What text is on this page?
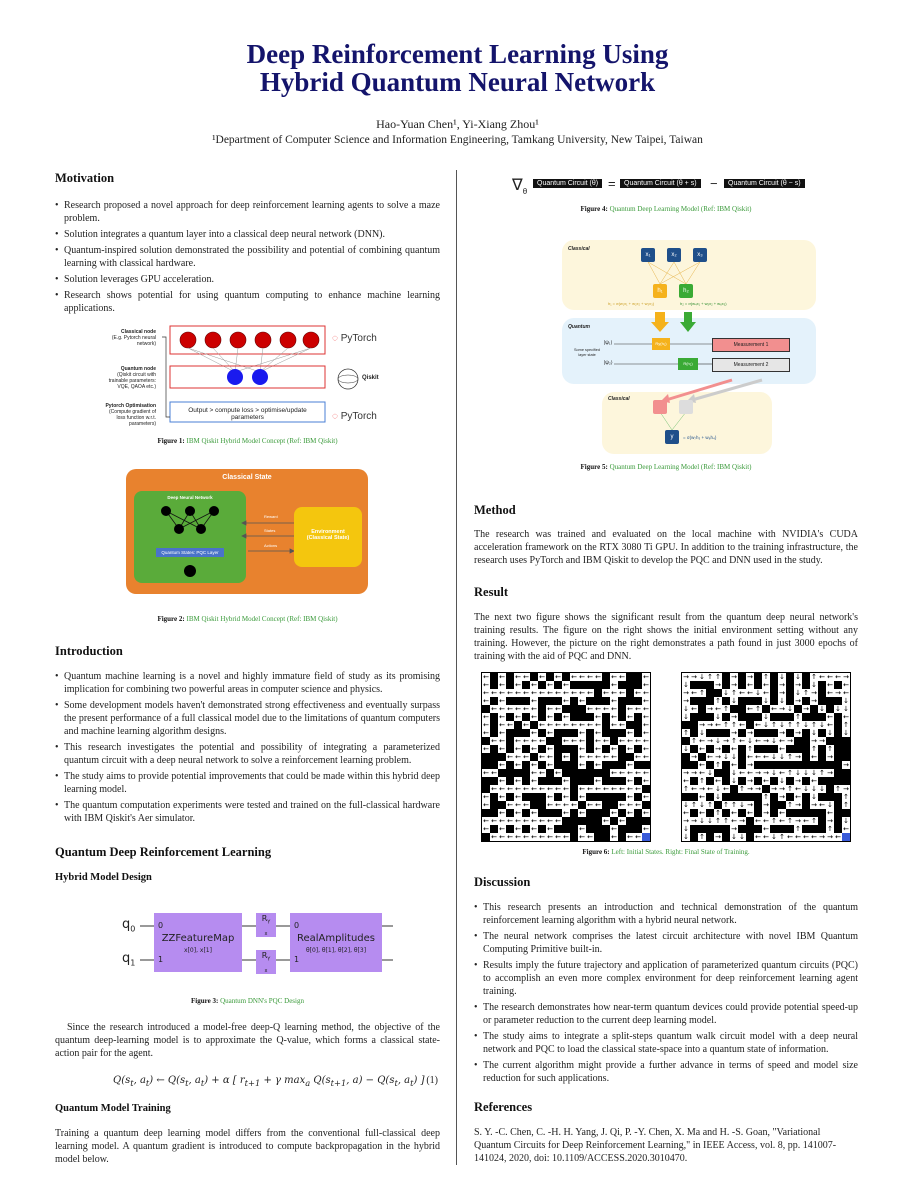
Deep Reinforcement Learning Using
Hybrid Quantum Neural Network
Hao-Yuan Chen¹, Yi-Xiang Zhou¹
¹Department of Computer Science and Information Engineering, Tamkang University, New Taipei, Taiwan
Motivation
• Research proposed a novel approach for deep reinforcement learning agents to solve a maze problem.
• Solution integrates a quantum layer into a classical deep neural network (DNN).
• Quantum-inspired solution demonstrated the possibility and potential of combining quantum learning with classical hardware.
• Solution leverages GPU acceleration.
• Research shows potential for using quantum computing to enhance machine learning applications.
Classical node
(E.g. Pytorch neural network)
Quantum node
(Qiskit circuit with trainable parameters: VQE, QAOA etc.)
Pytorch Optimisation
(Compute gradient of loss function w.r.t. parameters)
Output > compute loss > optimise/update parameters
◌ PyTorch
Qiskit
◌ PyTorch
Figure 1: IBM Qiskit Hybrid Model Concept (Ref: IBM Qiskit)
Classical State
Deep Neural Network
Quantum States: PQC Layer
Reward
States
Actions
Environment
(Classical State)
Figure 2: IBM Qiskit Hybrid Model Concept (Ref: IBM Qiskit)
Introduction
• Quantum machine learning is a novel and highly immature field of study as its promising implication for combining two powerful areas in computer science and physics.
• Some development models haven't demonstrated strong effectiveness and eventually surpass the present performance of a full classical model due to the limitations of quantum computers and machine learning algorithm designs.
• This research investigates the potential and possibility of integrating a parameterized quantum circuit with a deep neural network to solve a reinforcement learning problem.
• The study aims to provide potential improvements that could be made within this hybrid deep learning model.
• The quantum computation experiments were tested and trained on the full-classical hardware with IBM Qiskit's Aer simulator.
Quantum Deep Reinforcement Learning
Hybrid Model Design
$q_0$
$q_1$
0
1
ZZFeatureMap
x[0], x[1]
$R_Y$
x
$R_Y$
x
0
1
RealAmplitudes
θ[0], θ[1], θ[2], θ[3]
Figure 3: Quantum DNN's PQC Design

Since the research introduced a model-free deep-Q learning method, the objective of the quantum deep-learning model is to approximate the Q-value, which forms a classical state-action pair for the agent.

$Q(s_t$, $a_t$) ← $Q(s_t$, $a_t) + \alpha$ [ $r_{t+1} + \gamma$ $\max_a Q(s_{t+1}$, $a) - Q(s_t$, $a_t$) ] (1)
Quantum Model Training

Training a quantum deep learning model differs from the conventional full-classical deep learning model. A quantum gradient is introduced to compute backpropagation in the hybrid model below.

$\nabla_\theta$
Quantum Circuit (θ) =	Quantum Circuit (θ + s)	−	Quantum Circuit (θ − s)
Figure 4: Quantum Deep Learning Model (Ref: IBM Qiskit)
Classical
x₁	x₂	x₃
h₁	h₂
h₁ = σ(w₁x₁ + w₂x₂ + w₃x₃)	h₂ = σ(w₄x₁ + w₅x₂ + w₆x₃)
Quantum
|ψ₁⟩
|ψ₂⟩
Some specified layer state
Ry(h₁)
R(h₂)
Measurement 1
Measurement 2
Classical
y	= σ(w₇h₃ + w₈h₄)
Figure 5: Quantum Deep Learning Model (Ref: IBM Qiskit)
Method

The research was trained and evaluated on the local machine with NVIDIA's CUDA acceleration framework on the RTX 3080 Ti GPU. In addition to the training infrastructure, the research uses PyTorch and IBM Qiskit to develop the PQC and DNN used in the study.

Result

The next two figure shows the significant result from the quantum deep neural network's training results. The figure on the right shows the initial environment setting without any training. However, the picture on the right demonstrates a path found in just 3000 epochs of training with the aid of PQC and DNN.

← ← ← ← ← ← ← ← ← ← ← ←	←
← ← ← ← ← ←	←	←
← ← ← ← ← ← ← ← ← ← ← ← ← ← ← ← ← ← ←
← ←	←	← ←	←	←
← ← ← ← ← ← ← ←	← ← ← ← ← ← ←
← ← ← ← ← ←	← ← ← ←
← ← ← ← ← ← ← ← ← ← ← ← ← ←	←
← ←	← ←	← ←	← ←
← ← ← ← ← ←	← ← ← ← ← ← ← ← ←
← ← ← ← ←	← ← ← ← ←
← ← ← ← ← ← ← ← ← ← ←	← ←
← ← ← ←	← ←	←
← ←	← ← ←	← ← ← ← ←
← ← ←	←	←	← ←
← ← ← ← ← ← ← ← ← ← ← ← ← ← ← ← ← ←
← ← ←	← ← ←	← ←
←	← ← ←	← ← ← ← ← ←	← ← ←
← ← ←	← ←	← ← ←
← ← ← ← ← ← ← ← ← ←	← ←
← ← ← ← ←	←	←	←
← ← ← ← ← ← ← ← ← ← ← ←	← ← ←
→ → ↓ ↑ ↑ → → ↑ ↓ ↓ ↑ ← ← ← →
↓	→ → ← ← → → ↓ ← ←
→ ← ↑	↓ ↑ ← ← ↓ ← → ↓ ↑ → ← → ←
→	↑ ↓	↓ ↓ → →	↓
↓ ← → ← ↑	← ↑ ← → ↓ → ↓ ↓ ↓
↓	↓ →	↓	↑	← ←
→ → ← ↑ ↑ ← ← ↓ ↑ ↓ ↑ ↑ ↓ ↑ ↓ ← ↑
↑ ↓	→ →	→ → ↓ ↓ ↓
↑ ← → ↓ → ↑ ← ↓ ← → ↓ ← →	→ →
↓ ← → ← ↑	←	↑ ↑
→ ← → ↓ ↓ ← ← ← ↓ ↓ ↑ → ← →
← ↑ ← →	→
→ → ← ↓	↓ ← ← → → ↓ ← ↑ ↓ ↓ ↓ ↑ →
← ↑ ← ↓ → ← ↓ → ←
↑ ← → ← ↓ ← ↑ → → → → ↑ ← ↓ ↓ ↓ ↑ →
← ↓	↑ → ← ↓	↑
↓ ↑ ↓ ↑ ↑ ↑ ↓ → →	↑ → → ← ↓ ↑
← ← ↑ ← ← → ←	←
→ → ↓ ↓ ↑ ↑ ← → ← ← ↑ ← ↑ → ← ↑ → ↓
↓	→	←	↑	↑ ←
↓ ↑ → ↓ ↓ ← ← ↓ ↑ ← ← ← ← → → ←
Figure 6: Left: Initial States. Right: Final State of Training.
Discussion
• This research presents an introduction and technical demonstration of the quantum reinforcement learning algorithm with a hybrid neural network.
• The neural network comprises the latest circuit architecture with novel IBM Quantum Computing Primitive built-in.
• Results imply the future trajectory and application of parameterized quantum circuits (PQC) to accomplish an even more complex environment for deep reinforcement learning agent training.
• The research demonstrates how near-term quantum devices could provide potential speed-up or parameter reduction to the current deep learning model.
• The study aims to integrate a split-steps quantum walk circuit model with a deep neural network and PQC to load the classical state-space into a quantum state of information.
• The current algorithm might provide a further advance in terms of speed and model size reduction for such applications.
References

S. Y. -C. Chen, C. -H. H. Yang, J. Qi, P. -Y. Chen, X. Ma and H. -S. Goan, "Variational Quantum Circuits for Deep Reinforcement Learning," in IEEE Access, vol. 8, pp. 141007-141024, 2020, doi: 10.1109/ACCESS.2020.3010470.
